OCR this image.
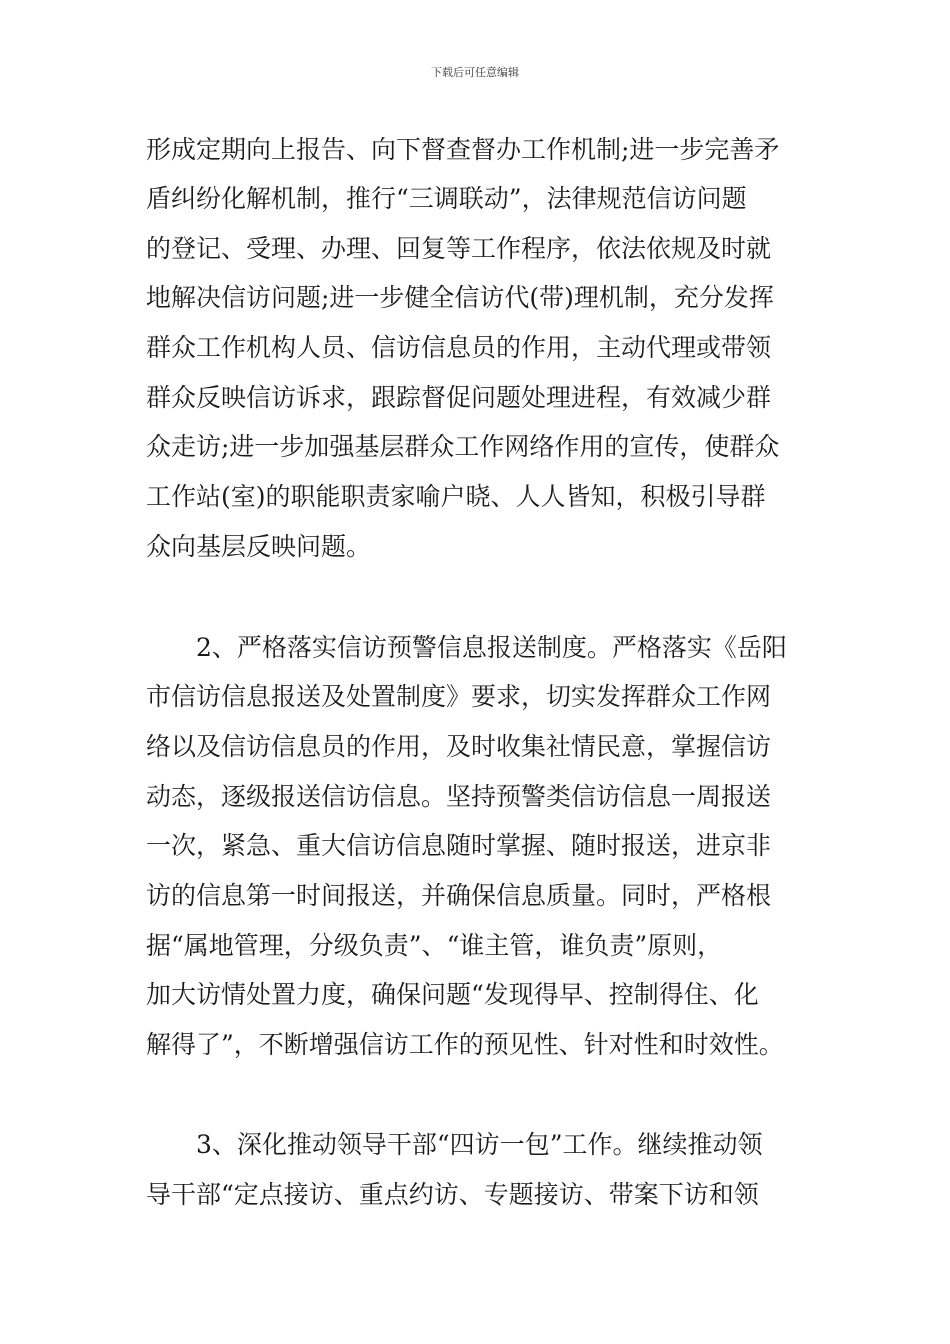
下载后可任意编辑
形成定期向上报告、向下督查督办工作机制;进一步完善矛
盾纠纷化解机制，推行“三调联动”，法律规范信访问题
的登记、受理、办理、回复等工作程序，依法依规及时就
地解决信访问题;进一步健全信访代(带)理机制，充分发挥
群众工作机构人员、信访信息员的作用，主动代理或带领
群众反映信访诉求，跟踪督促问题处理进程，有效减少群
众走访;进一步加强基层群众工作网络作用的宣传，使群众
工作站(室)的职能职责家喻户晓、人人皆知，积极引导群
众向基层反映问题。
2、严格落实信访预警信息报送制度。严格落实《岳阳
市信访信息报送及处置制度》要求，切实发挥群众工作网
络以及信访信息员的作用，及时收集社情民意，掌握信访
动态，逐级报送信访信息。坚持预警类信访信息一周报送
一次，紧急、重大信访信息随时掌握、随时报送，进京非
访的信息第一时间报送，并确保信息质量。同时，严格根
据“属地管理，分级负责”、“谁主管，谁负责”原则，
加大访情处置力度，确保问题“发现得早、控制得住、化
解得了”，不断增强信访工作的预见性、针对性和时效性。
3、深化推动领导干部“四访一包”工作。继续推动领
导干部“定点接访、重点约访、专题接访、带案下访和领
